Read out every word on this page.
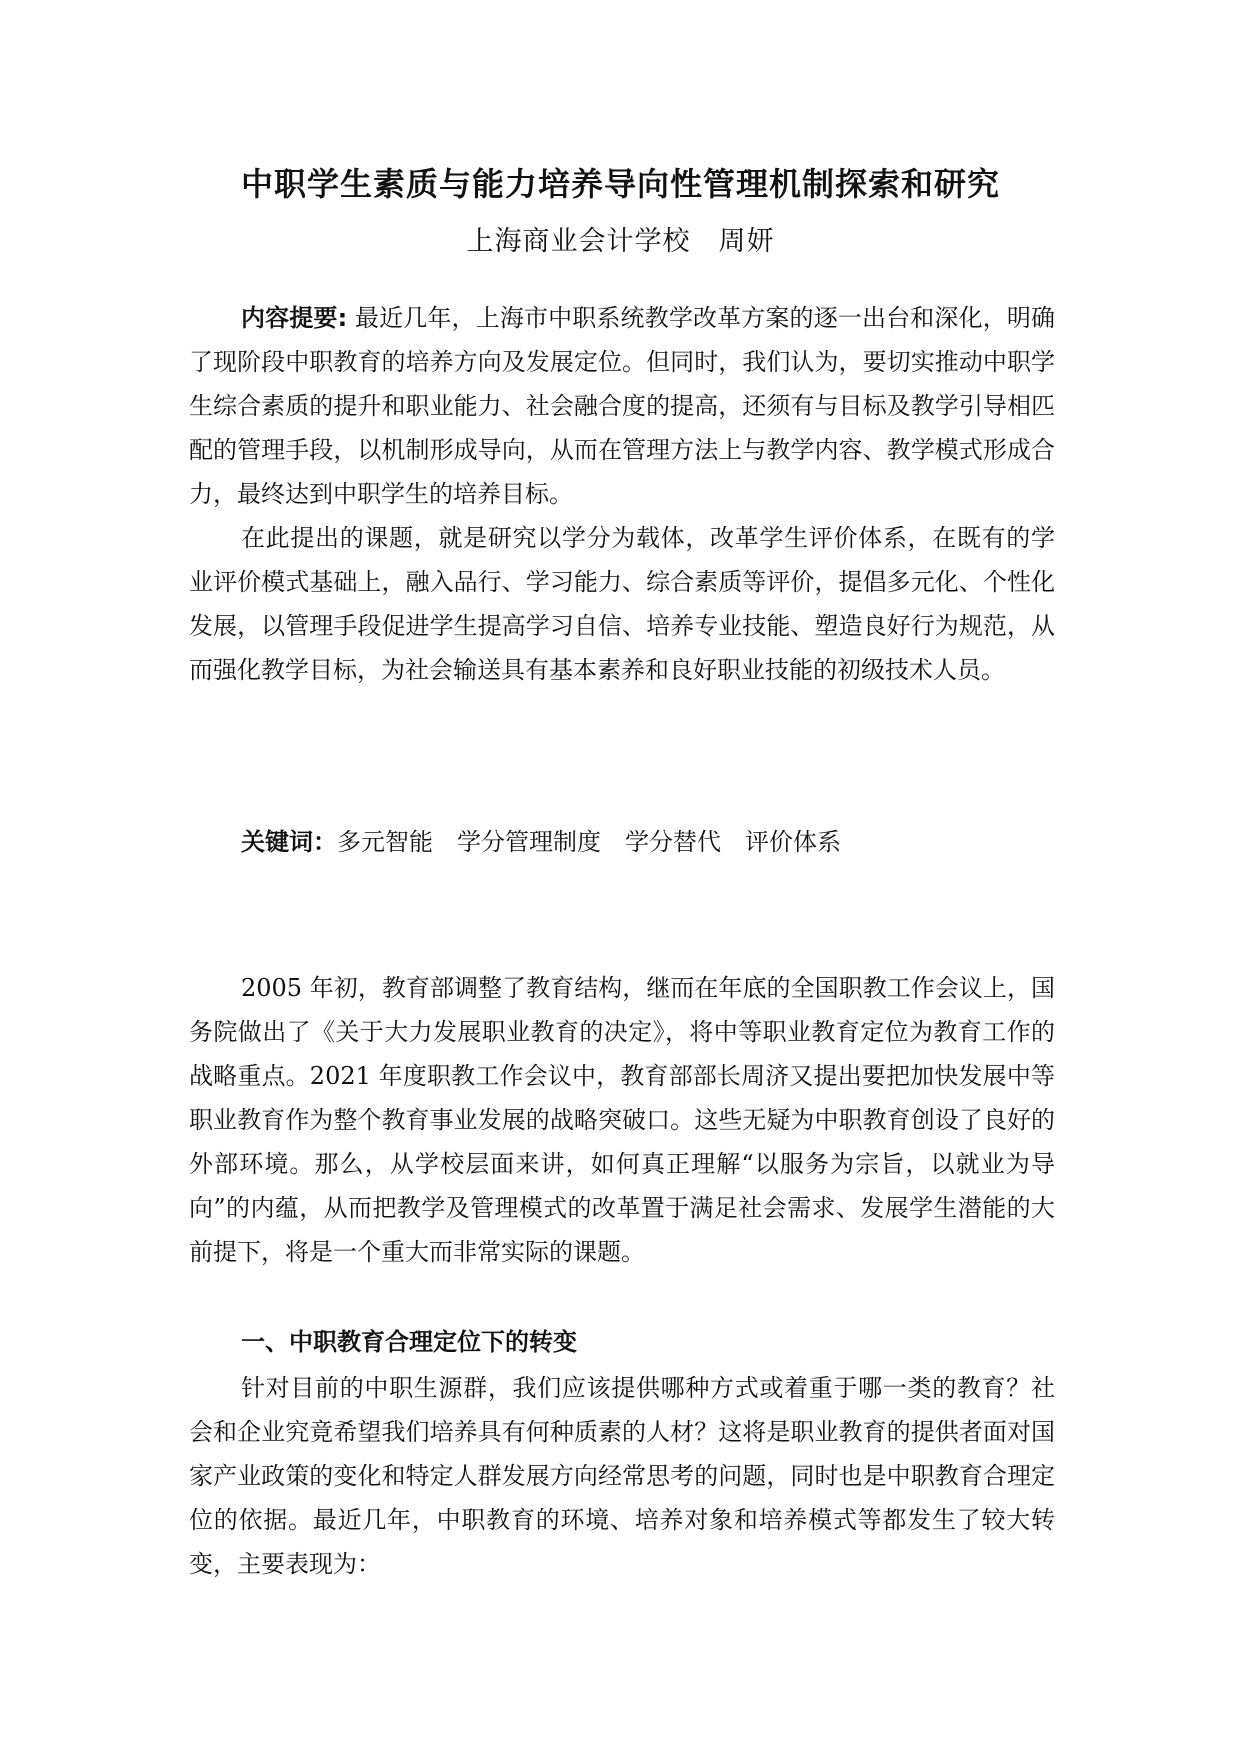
中职学生素质与能力培养导向性管理机制探索和研究
上海商业会计学校 周妍

内容提要: 最近几年，上海市中职系统教学改革方案的逐一出台和深化，明确了现阶段中职教育的培养方向及发展定位。但同时，我们认为，要切实推动中职学生综合素质的提升和职业能力、社会融合度的提高，还须有与目标及教学引导相匹配的管理手段，以机制形成导向，从而在管理方法上与教学内容、教学模式形成合力，最终达到中职学生的培养目标。

在此提出的课题，就是研究以学分为载体，改革学生评价体系，在既有的学业评价模式基础上，融入品行、学习能力、综合素质等评价，提倡多元化、个性化发展，以管理手段促进学生提高学习自信、培养专业技能、塑造良好行为规范，从而强化教学目标，为社会输送具有基本素养和良好职业技能的初级技术人员。

关键词：多元智能 学分管理制度 学分替代 评价体系

2005 年初，教育部调整了教育结构，继而在年底的全国职教工作会议上，国务院做出了《关于大力发展职业教育的决定》，将中等职业教育定位为教育工作的战略重点。2021 年度职教工作会议中，教育部部长周济又提出要把加快发展中等职业教育作为整个教育事业发展的战略突破口。这些无疑为中职教育创设了良好的外部环境。那么，从学校层面来讲，如何真正理解“以服务为宗旨，以就业为导向”的内蕴，从而把教学及管理模式的改革置于满足社会需求、发展学生潜能的大前提下，将是一个重大而非常实际的课题。

一、中职教育合理定位下的转变

针对目前的中职生源群，我们应该提供哪种方式或着重于哪一类的教育？社会和企业究竟希望我们培养具有何种质素的人材？这将是职业教育的提供者面对国家产业政策的变化和特定人群发展方向经常思考的问题，同时也是中职教育合理定位的依据。最近几年，中职教育的环境、培养对象和培养模式等都发生了较大转变，主要表现为：
